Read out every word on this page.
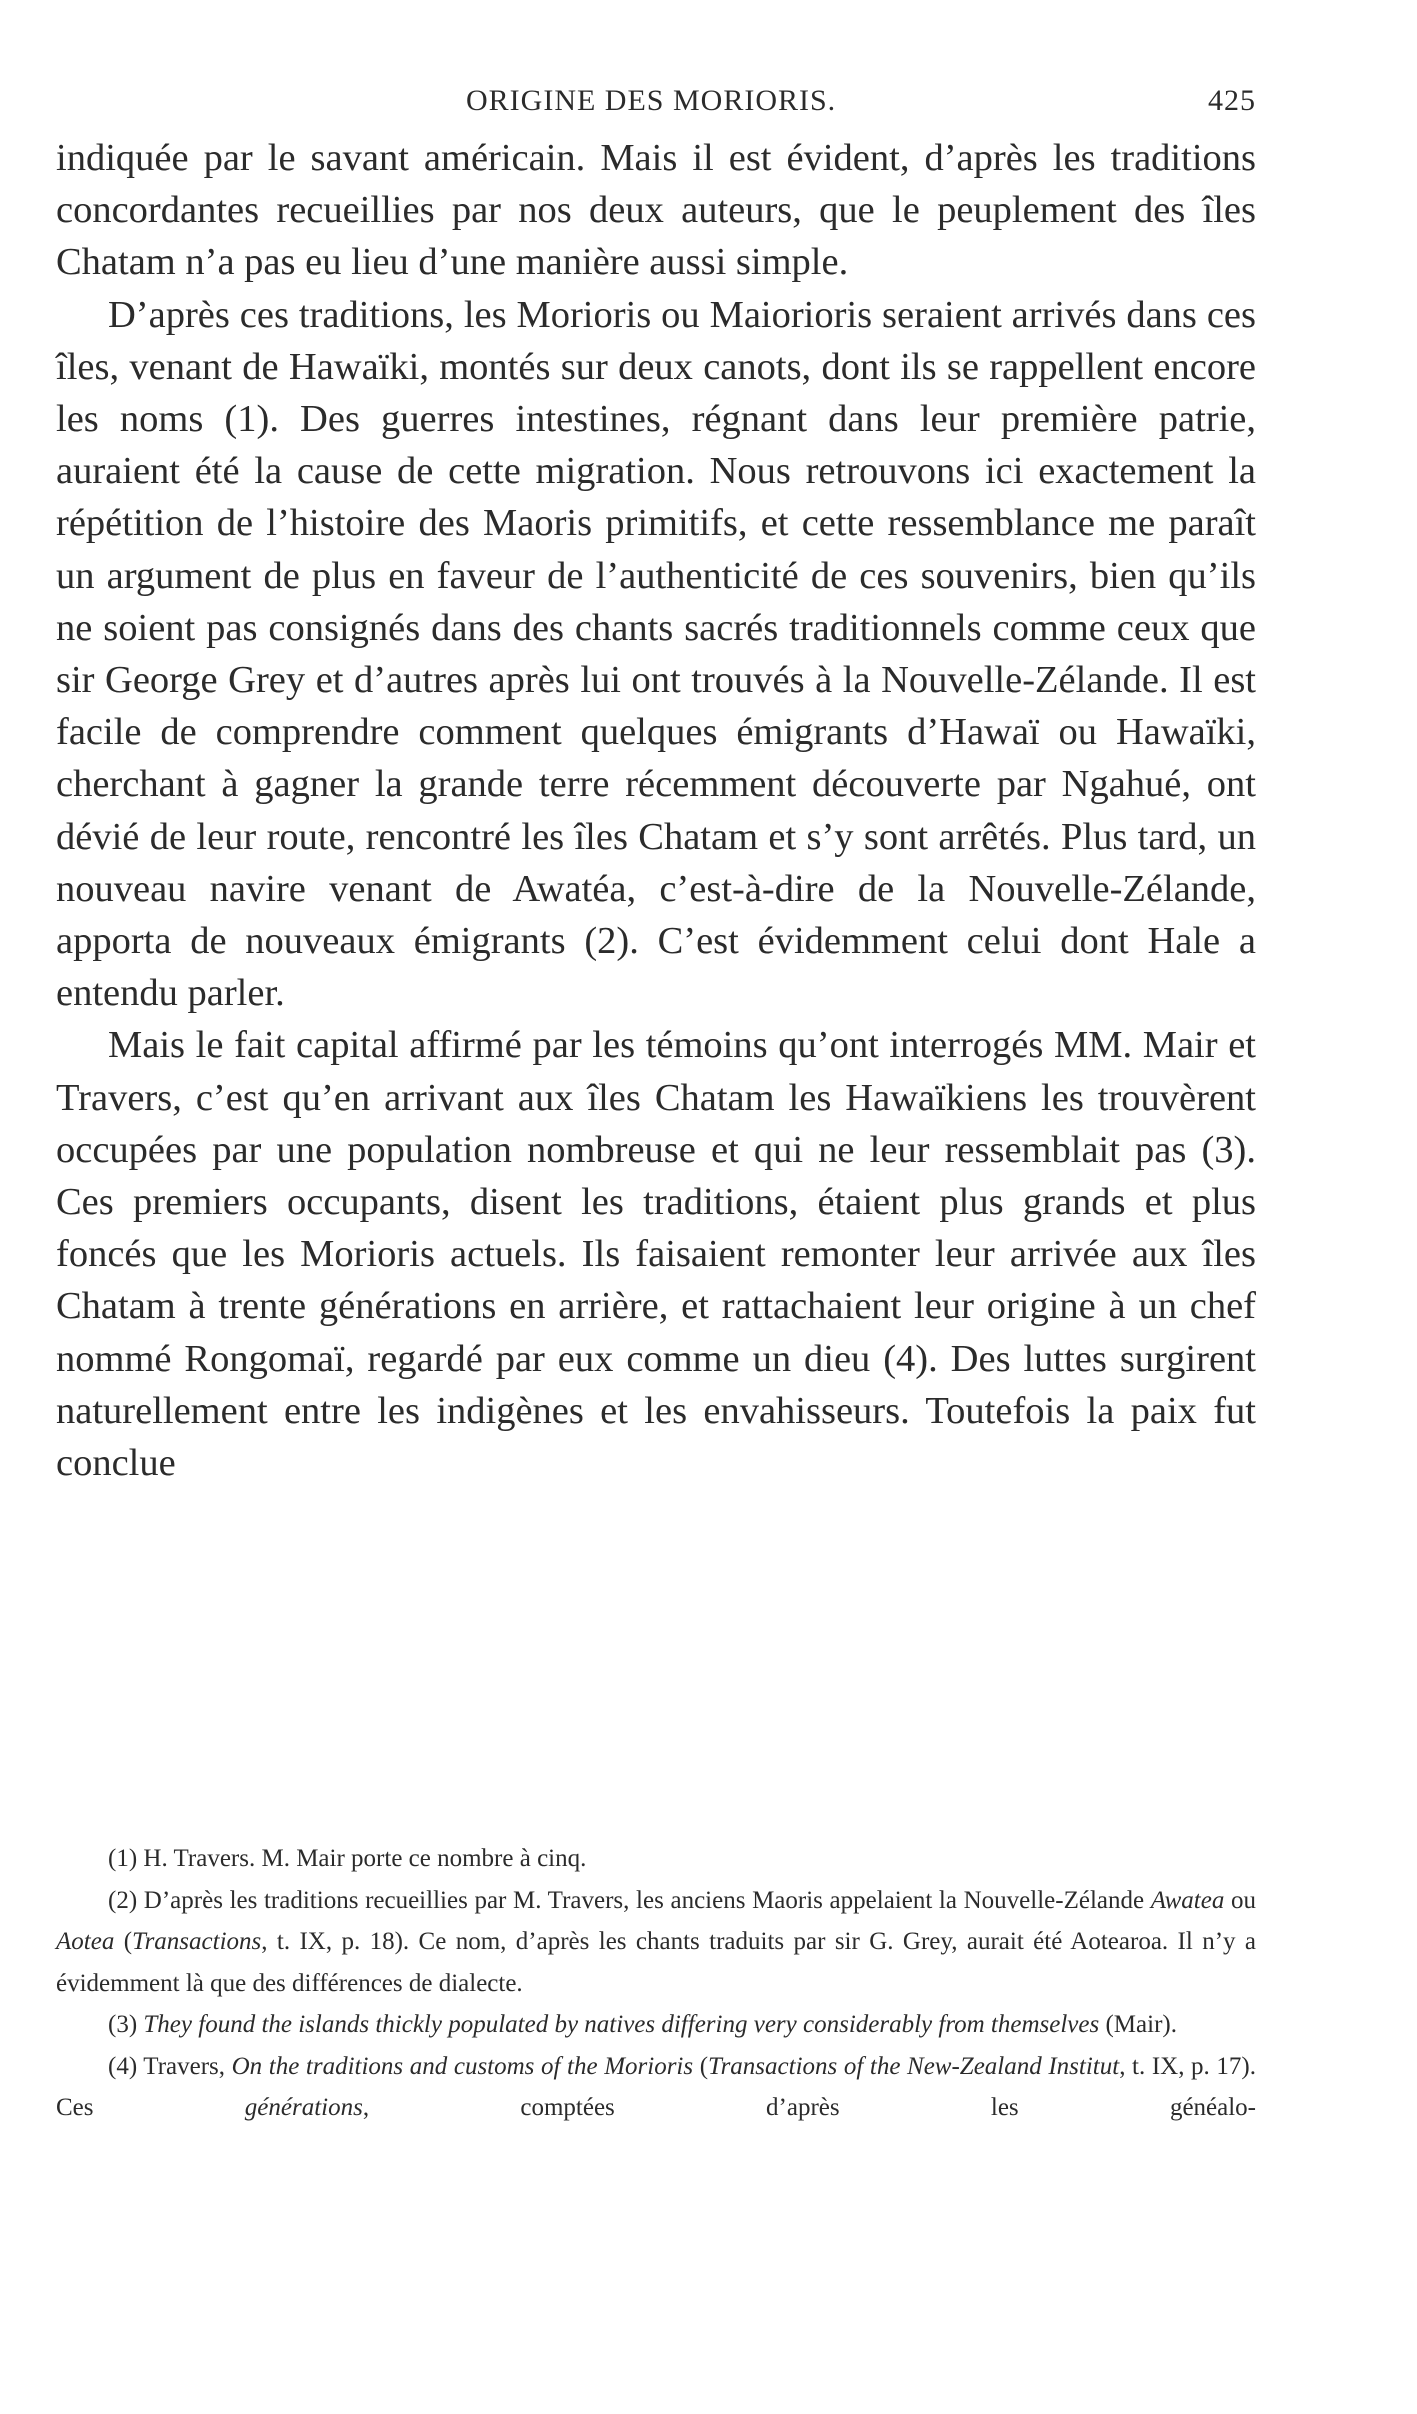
ORIGINE DES MORIORIS.	425

indiquée par le savant américain. Mais il est évident, d’après les traditions concordantes recueillies par nos deux auteurs, que le peuplement des îles Chatam n’a pas eu lieu d’une manière aussi simple.

D’après ces traditions, les Morioris ou Maiorioris seraient arrivés dans ces îles, venant de Hawaïki, montés sur deux canots, dont ils se rappellent encore les noms (1). Des guerres intestines, régnant dans leur première patrie, auraient été la cause de cette migration. Nous retrouvons ici exactement la répétition de l’histoire des Maoris primitifs, et cette ressemblance me paraît un argument de plus en faveur de l’authenticité de ces souvenirs, bien qu’ils ne soient pas consignés dans des chants sacrés traditionnels comme ceux que sir George Grey et d’autres après lui ont trouvés à la Nouvelle-Zélande. Il est facile de comprendre comment quelques émigrants d’Hawaï ou Hawaïki, cherchant à gagner la grande terre récemment découverte par Ngahué, ont dévié de leur route, rencontré les îles Chatam et s’y sont arrêtés. Plus tard, un nouveau navire venant de Awatéa, c’est-à-dire de la Nouvelle-Zélande, apporta de nouveaux émigrants (2). C’est évidemment celui dont Hale a entendu parler.

Mais le fait capital affirmé par les témoins qu’ont interrogés MM. Mair et Travers, c’est qu’en arrivant aux îles Chatam les Hawaïkiens les trouvèrent occupées par une population nombreuse et qui ne leur ressemblait pas (3). Ces premiers occupants, disent les traditions, étaient plus grands et plus foncés que les Morioris actuels. Ils faisaient remonter leur arrivée aux îles Chatam à trente générations en arrière, et rattachaient leur origine à un chef nommé Rongomaï, regardé par eux comme un dieu (4). Des luttes surgirent naturellement entre les indigènes et les envahisseurs. Toutefois la paix fut conclue

(1) H. Travers. M. Mair porte ce nombre à cinq.

(2) D’après les traditions recueillies par M. Travers, les anciens Maoris appelaient la Nouvelle-Zélande Awatea ou Aotea (Transactions, t. IX, p. 18). Ce nom, d’après les chants traduits par sir G. Grey, aurait été Aotearoa. Il n’y a évidemment là que des différences de dialecte.

(3) They found the islands thickly populated by natives differing very considerably from themselves (Mair).

(4) Travers, On the traditions and customs of the Morioris (Transactions of the New-Zealand Institut, t. IX, p. 17). Ces générations, comptées d’après les généalo-
